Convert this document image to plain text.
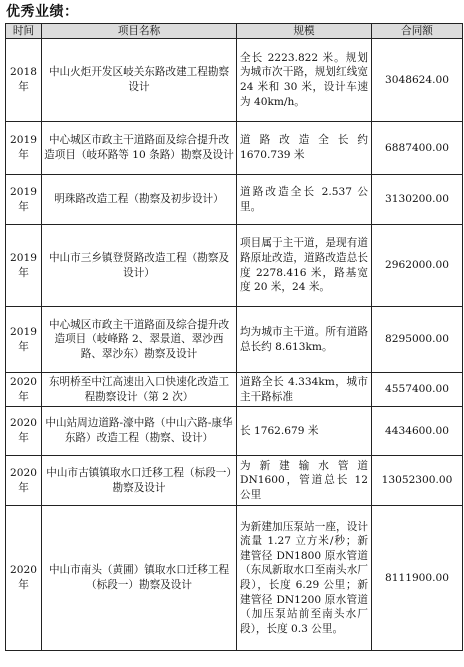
优秀业绩：
时间	项目名称	规模	合同额
2018年	中山火炬开发区岐关东路改建工程勘察设计	全长 2223.822 米。规划为城市次干路，规划红线宽 24 米和 30 米，设计车速为 40km/h。	3048624.00
2019年	中心城区市政主干道路面及综合提升改造项目（岐环路等 10 条路）勘察及设计	道路改造全长约 1670.739 米	6887400.00
2019年	明珠路改造工程（勘察及初步设计）	道路改造全长 2.537 公里。	3130200.00
2019年	中山市三乡镇登贤路改造工程（勘察及设计）	项目属于主干道，是现有道路原址改造，道路改造总长度 2278.416 米，路基宽度 20 米，24 米。	2962000.00
2019年	中心城区市政主干道路面及综合提升改造项目（岐峰路 2、翠景道、翠沙西路、翠沙东）勘察及设计	均为城市主干道。所有道路总长约 8.613km。	8295000.00
2020年	东明桥至中江高速出入口快速化改造工程勘察设计（第 2 次）	道路全长 4.334km，城市主干路标准	4557400.00
2020年	中山站周边道路-濠中路（中山六路-康华东路）改造工程（勘察、设计）	长 1762.679 米	4434600.00
2020年	中山市古镇镇取水口迁移工程（标段一）勘察及设计	为新建输水管道 DN1600，管道总长 12 公里	13052300.00
2020年	中山市南头（黄圃）镇取水口迁移工程（标段一）勘察及设计	为新建加压泵站一座，设计流量 1.27 立方米/秒；新建管径 DN1800 原水管道（东凤新取水口至南头水厂段），长度 6.29 公里；新建管径 DN1200 原水管道（加压泵站前至南头水厂段），长度 0.3 公里。	8111900.00
